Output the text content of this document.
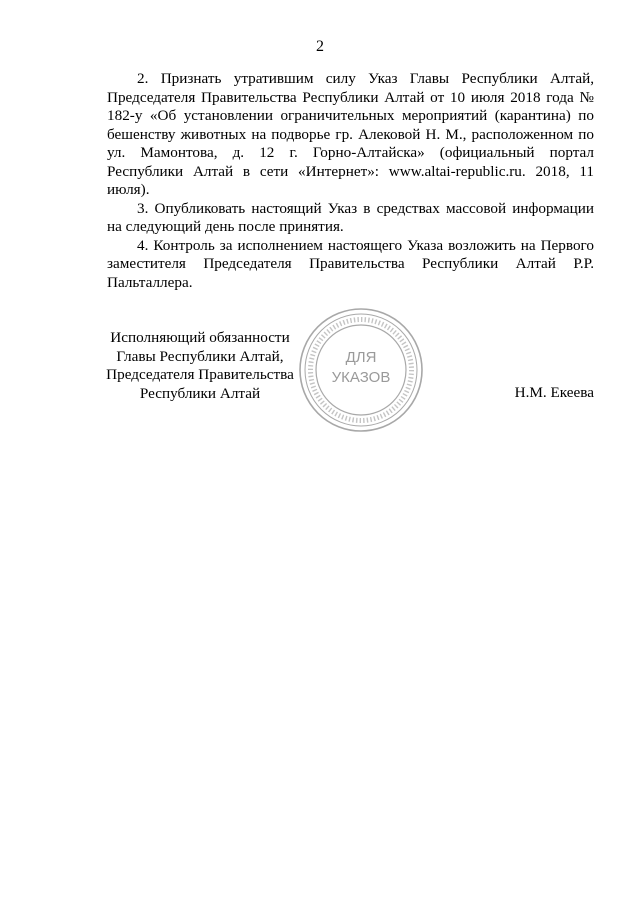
2

2. Признать утратившим силу Указ Главы Республики Алтай, Председателя Правительства Республики Алтай от 10 июля 2018 года № 182-у «Об установлении ограничительных мероприятий (карантина) по бешенству животных на подворье гр. Алековой Н. М., расположенном по ул. Мамонтова, д. 12 г. Горно-Алтайска» (официальный портал Республики Алтай в сети «Интернет»: www.altai-republic.ru. 2018, 11 июля).

3. Опубликовать настоящий Указ в средствах массовой информации на следующий день после принятия.

4. Контроль за исполнением настоящего Указа возложить на Первого заместителя Председателя Правительства Республики Алтай Р.Р. Пальталлера.

Исполняющий обязанности
Главы Республики Алтай,
Председателя Правительства
Республики Алтай
ДЛЯ
УКАЗОВ
Н.М. Екеева
